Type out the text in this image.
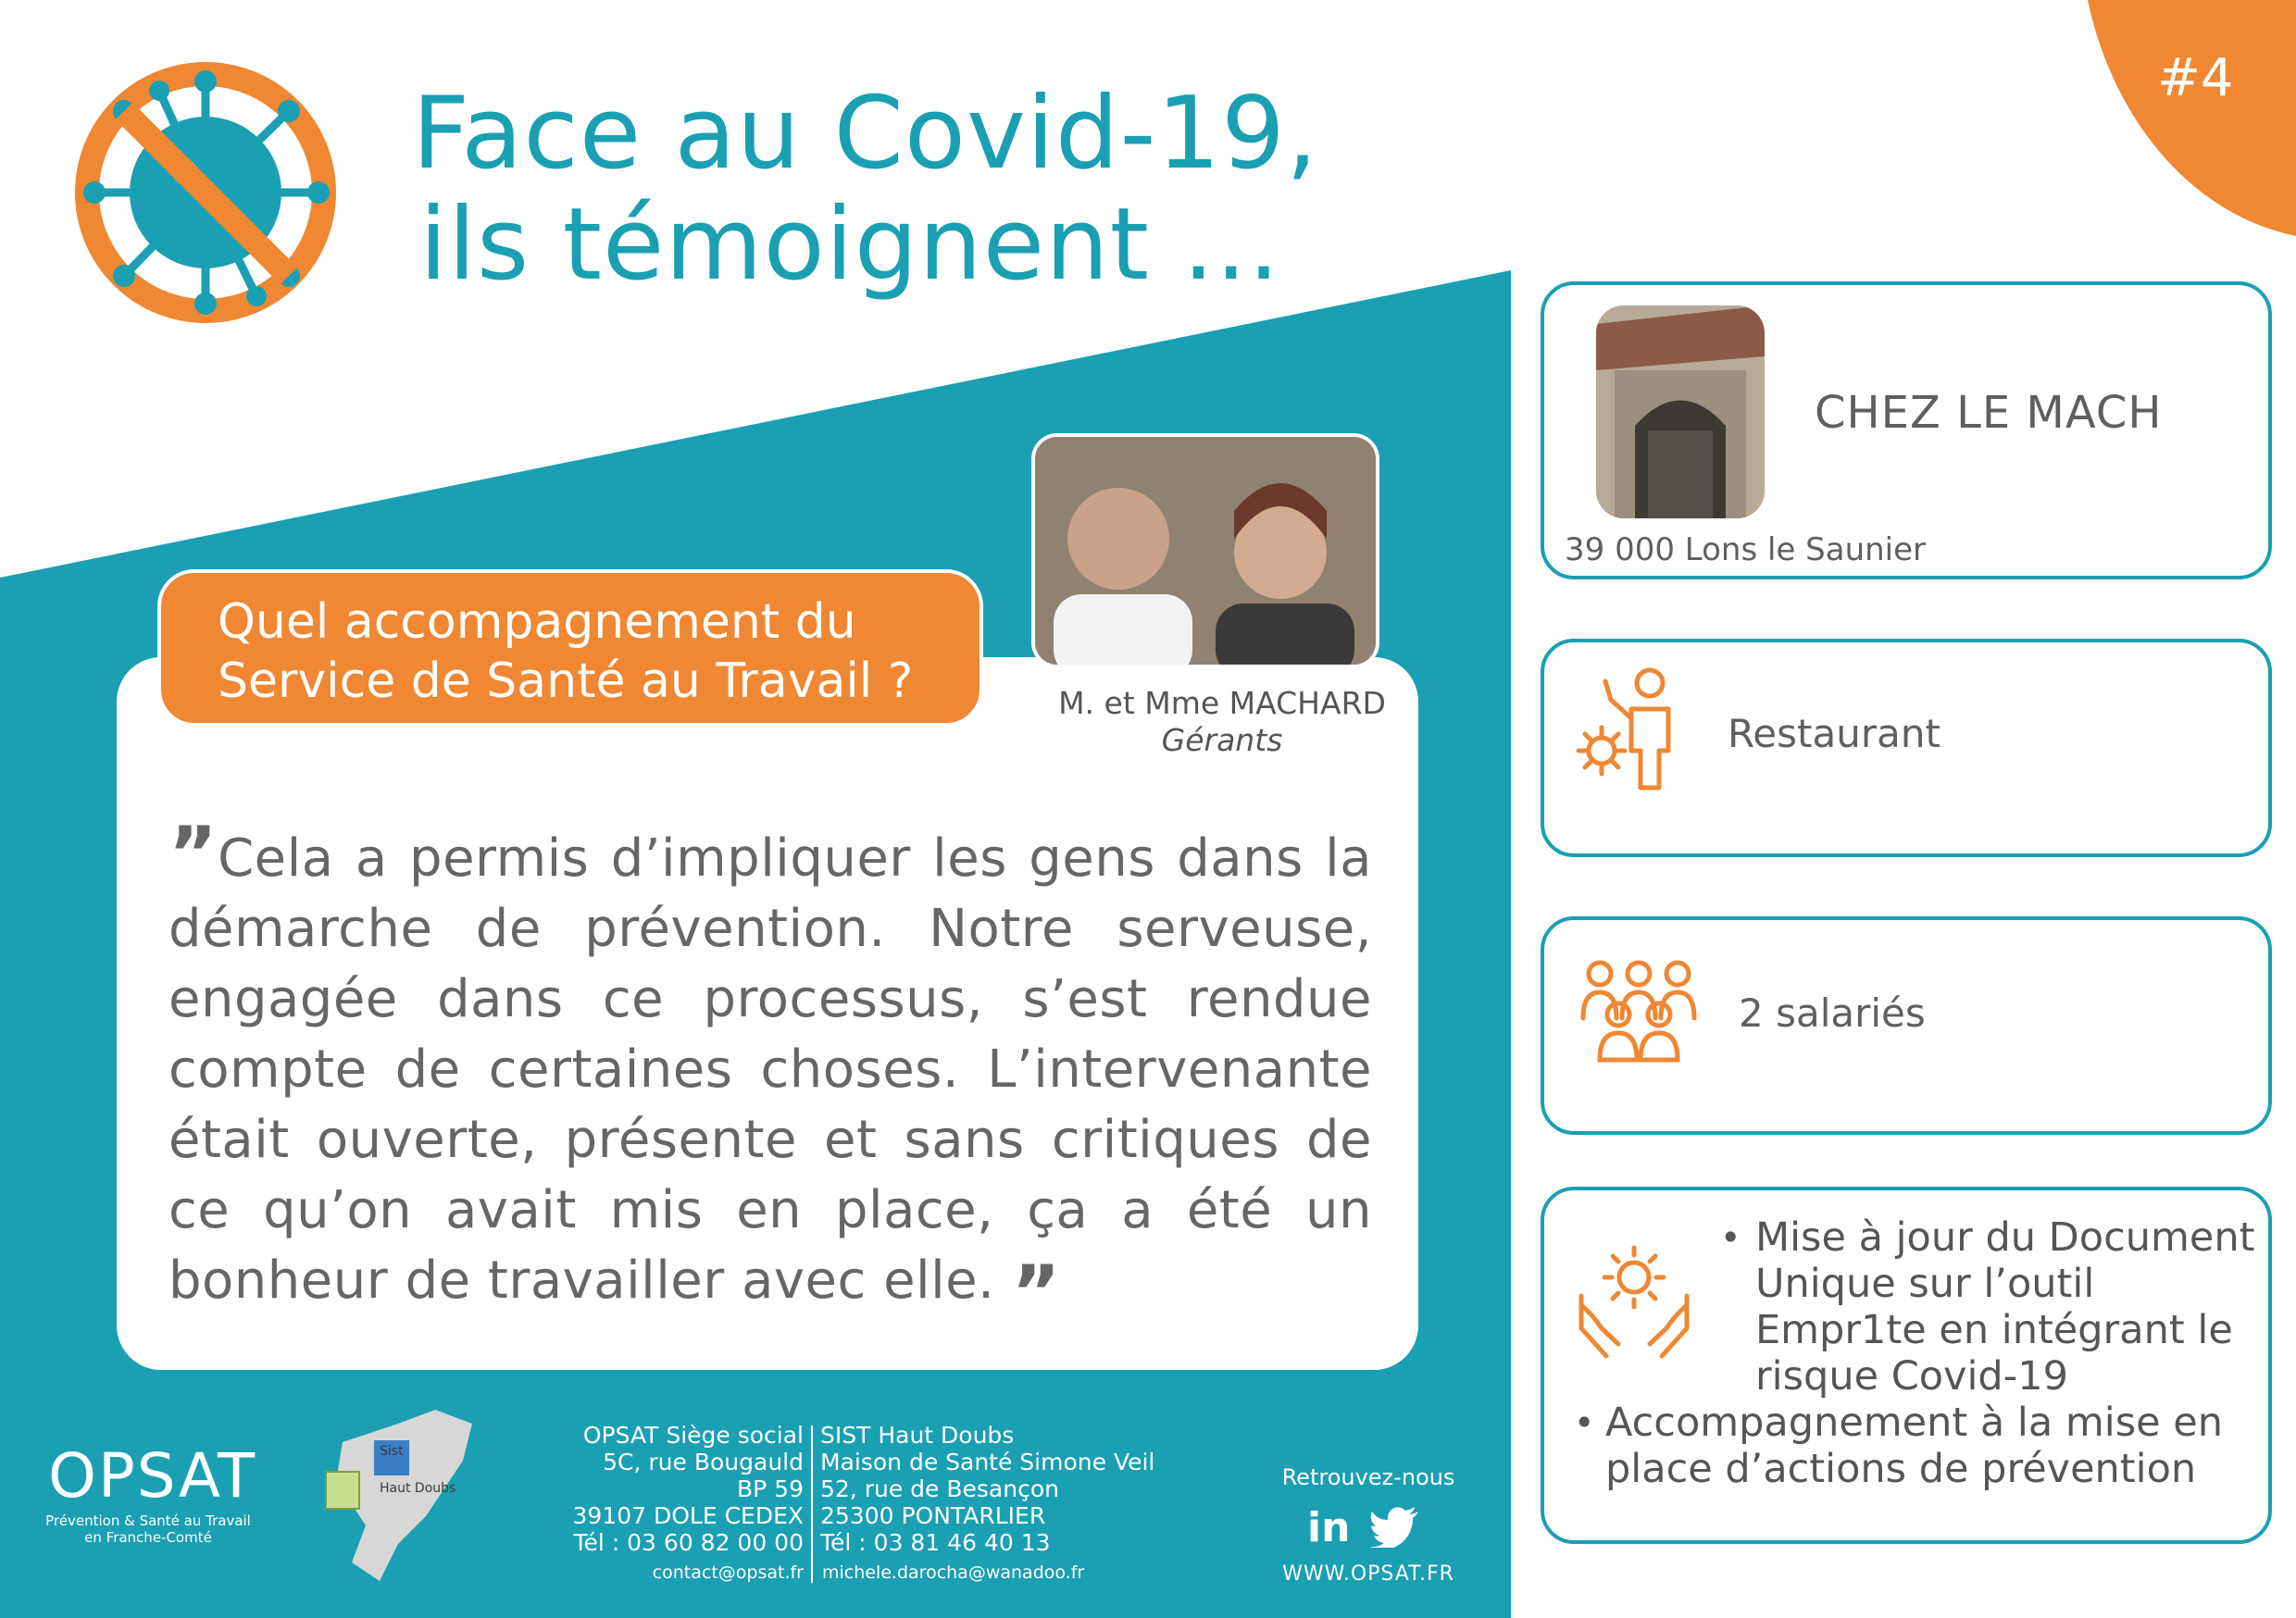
#4
Face au Covid-19,
ils témoignent ...
Quel accompagnement du
Service de Santé au Travail ?	M. et Mme MACHARD
Gérants
”Cela a permis d’impliquer les gens dans la démarche de prévention. Notre serveuse, engagée dans ce processus, s’est rendue compte de certaines choses. L’intervenante était ouverte, présente et sans critiques de ce qu’on avait mis en place, ça a été un bonheur de travailler avec elle. ”
CHEZ LE MACH
39 000 Lons le Saunier
Restaurant
2 salariés
• Mise à jour du Document Unique sur l’outil Empr1te en intégrant le risque Covid-19
• Accompagnement à la mise en place d’actions de prévention
OPSAT
Prévention & Santé au Travail
en Franche-Comté
Sist
Haut Doubs
OPSAT Siège social
5C, rue Bougauld
BP 59
39107 DOLE CEDEX
Tél : 03 60 82 00 00
SIST Haut Doubs
Maison de Santé Simone Veil
52, rue de Besançon
25300 PONTARLIER
Tél : 03 81 46 40 13
contact@opsat.fr michele.darocha@wanadoo.fr
Retrouvez-nous
in
WWW.OPSAT.FR
